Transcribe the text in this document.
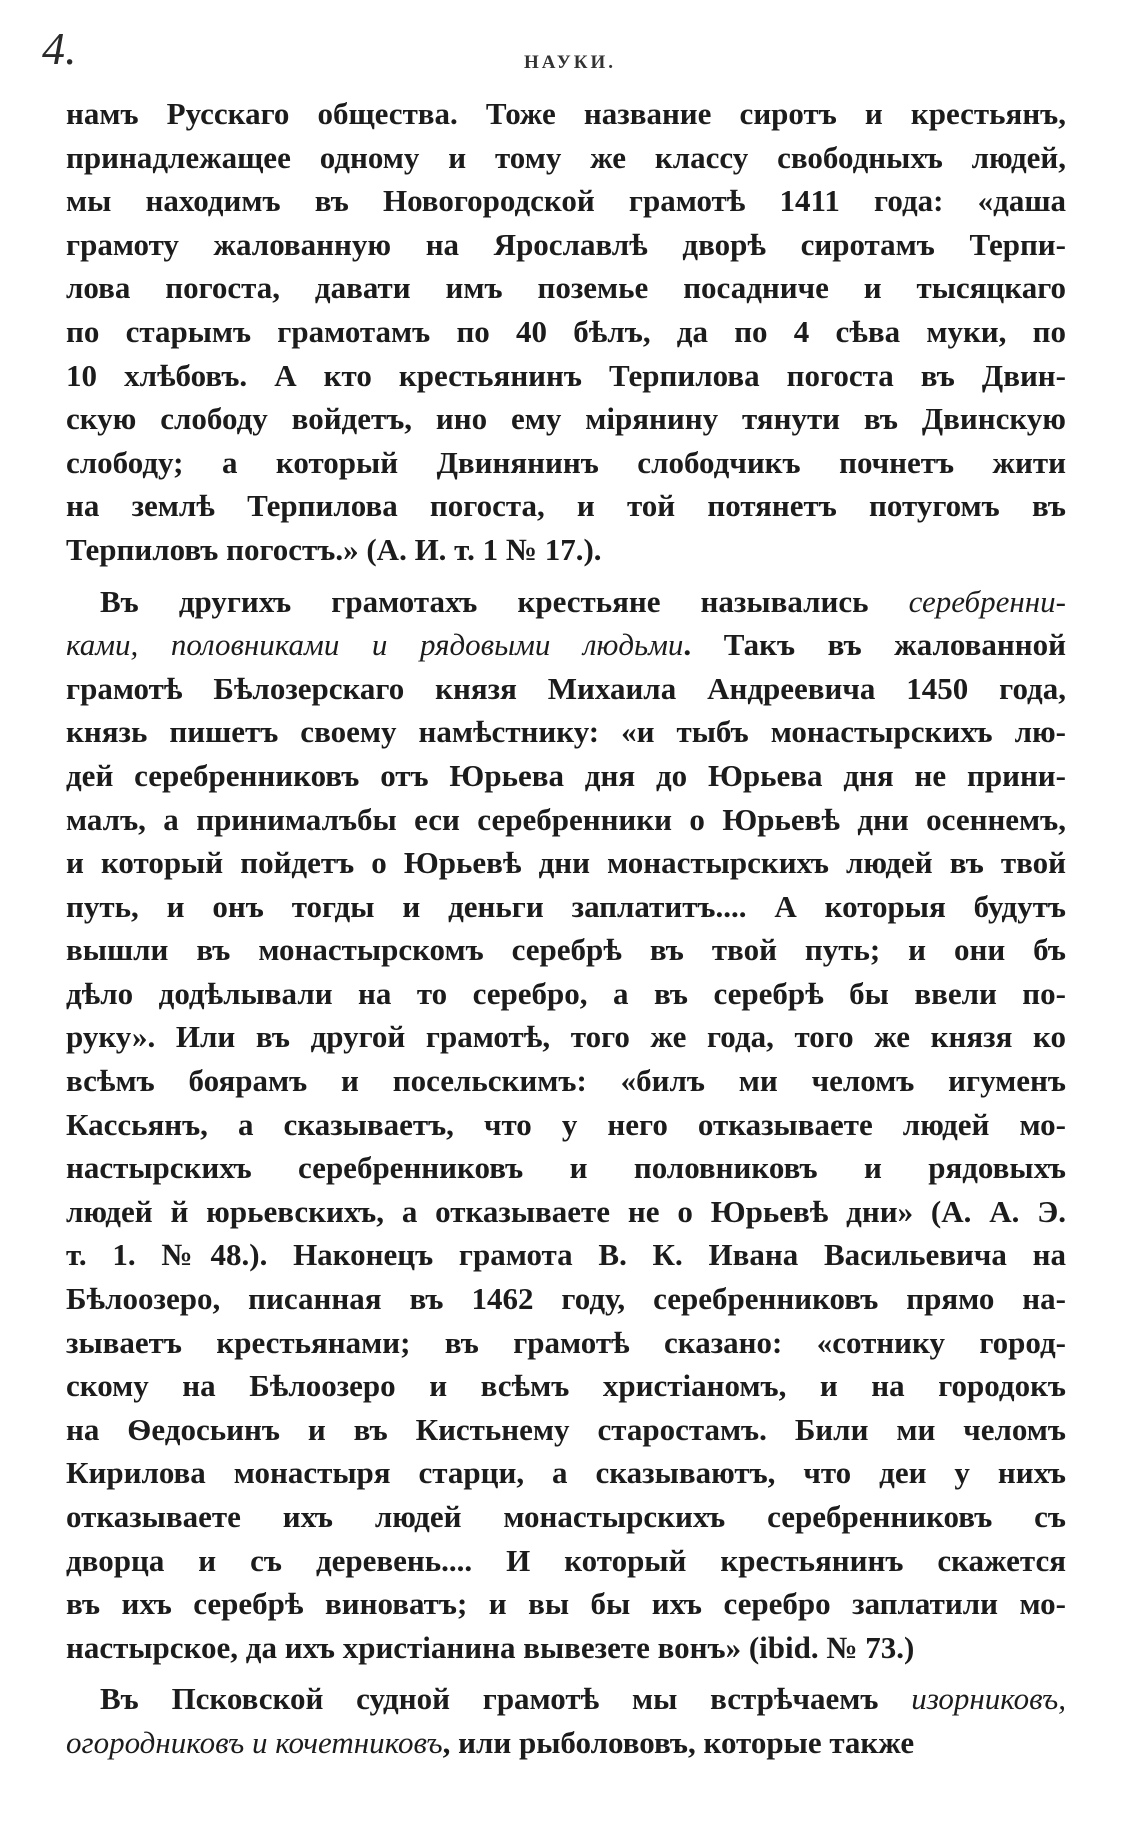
4.	НАУКИ.
намъ Русскаго общества. Тоже название сиротъ и крестьянъ,
принадлежащее одному и тому же классу свободныхъ людей,
мы находимъ въ Новогородской грамотѣ 1411 года: «даша
грамоту жалованную на Ярославлѣ дворѣ сиротамъ Терпи-
лова погоста, давати имъ поземье посадниче и тысяцкаго
по старымъ грамотамъ по 40 бѣлъ, да по 4 сѣва муки, по
10 хлѣбовъ. А кто крестьянинъ Терпилова погоста въ Двин-
скую слободу войдетъ, ино ему мірянину тянути въ Двинскую
слободу; а который Двинянинъ слободчикъ почнетъ жити
на землѣ Терпилова погоста, и той потянетъ потугомъ въ
Терпиловъ погостъ.» (А. И. т. 1 № 17.).
Въ другихъ грамотахъ крестьяне назывались серебренни-
ками, половниками и рядовыми людьми. Такъ въ жалованной
грамотѣ Бѣлозерскаго князя Михаила Андреевича 1450 года,
князь пишетъ своему намѣстнику: «и тыбъ монастырскихъ лю-
дей серебренниковъ отъ Юрьева дня до Юрьева дня не прини-
малъ, а принималъбы еси серебренники о Юрьевѣ дни осеннемъ,
и который пойдетъ о Юрьевѣ дни монастырскихъ людей въ твой
путь, и онъ тогды и деньги заплатитъ.... А которыя будутъ
вышли въ монастырскомъ серебрѣ въ твой путь; и они бъ
дѣло додѣлывали на то серебро, а въ серебрѣ бы ввели по-
руку». Или въ другой грамотѣ, того же года, того же князя ко
всѣмъ боярамъ и посельскимъ: «билъ ми челомъ игуменъ
Кассьянъ, а сказываетъ, что у него отказываете людей мо-
настырскихъ серебренниковъ и половниковъ и рядовыхъ
людей й юрьевскихъ, а отказываете не о Юрьевѣ дни» (А. А. Э.
т. 1. №48.). Наконецъ грамота В. К. Ивана Васильевича на
Бѣлоозеро, писанная въ 1462 году, серебренниковъ прямо на-
зываетъ крестьянами; въ грамотѣ сказано: «сотнику город-
скому на Бѣлоозеро и всѣмъ христіаномъ, и на городокъ
на Ѳедосьинъ и въ Кистьнему старостамъ. Били ми челомъ
Кирилова монастыря старци, а сказываютъ, что деи у нихъ
отказываете ихъ людей монастырскихъ серебренниковъ съ
дворца и съ деревень.... И который крестьянинъ скажется
въ ихъ серебрѣ виноватъ; и вы бы ихъ серебро заплатили мо-
настырское, да ихъ христіанина вывезете вонъ» (ibid. № 73.)
Въ Псковской судной грамотѣ мы встрѣчаемъ изорниковъ,
огородниковъ и кочетниковъ, или рыболововъ, которые также
